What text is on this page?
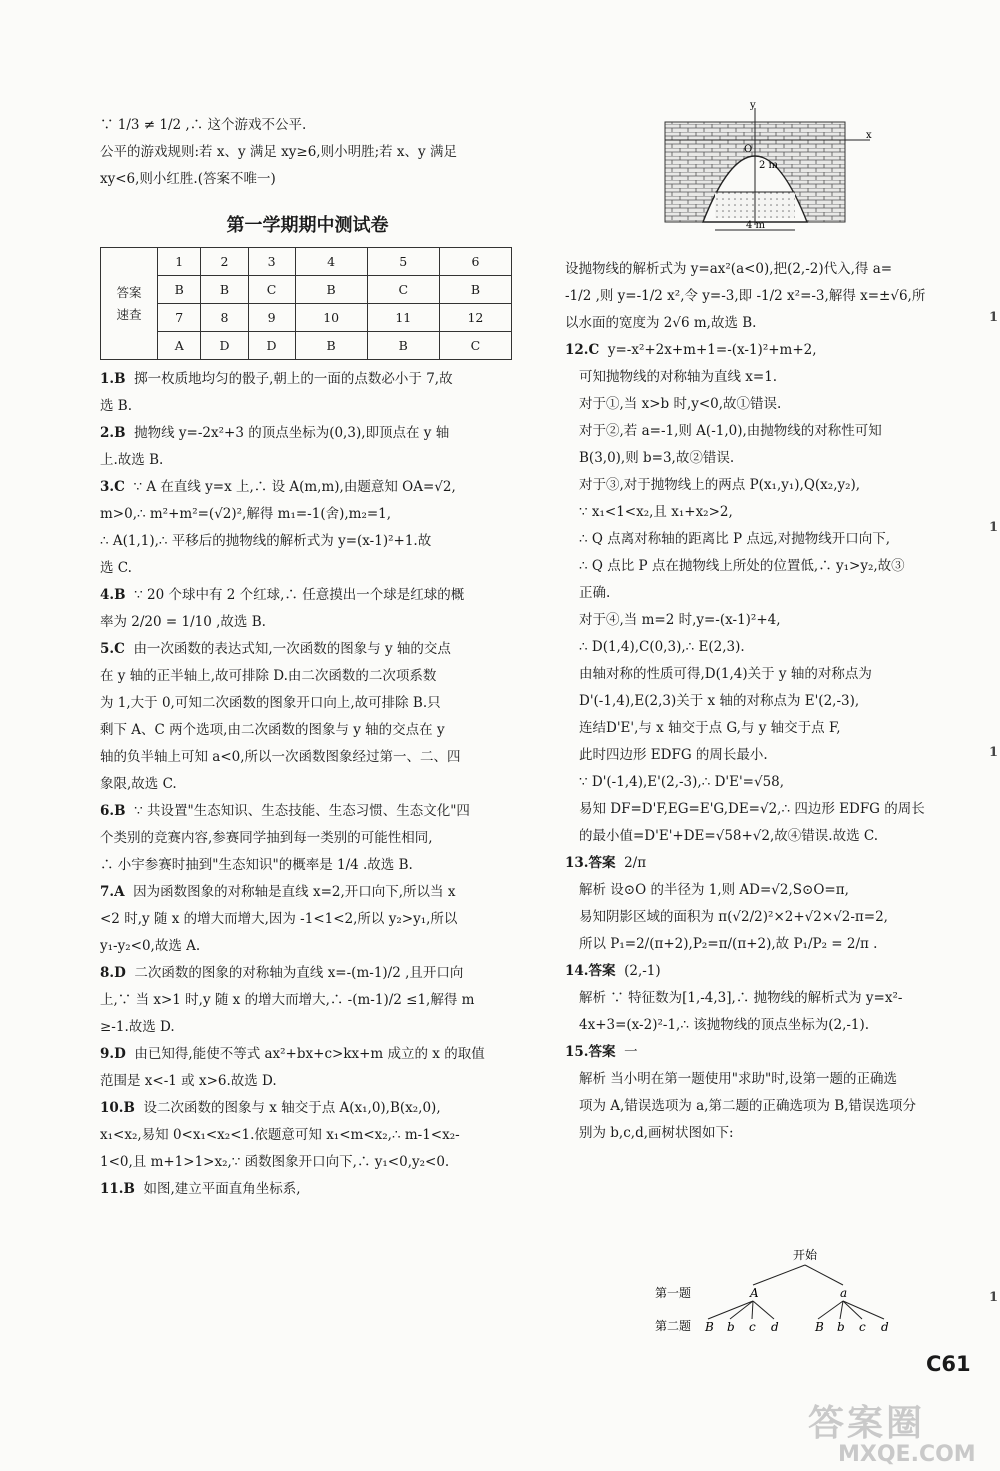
∵ 1/3 ≠ 1/2 ,∴ 这个游戏不公平.
公平的游戏规则:若 x、y 满足 xy≥6,则小明胜;若 x、y 满足
xy<6,则小红胜.(答案不唯一)
第一学期期中测试卷
答案
速查	1	2	3	4	5	6
	B	B	C	B	C	B
	7	8	9	10	11	12
	A	D	D	B	B	C
1.B 掷一枚质地均匀的骰子,朝上的一面的点数必小于 7,故
选 B.
2.B 抛物线 y=-2x²+3 的顶点坐标为(0,3),即顶点在 y 轴
上.故选 B.
3.C ∵ A 在直线 y=x 上,∴ 设 A(m,m),由题意知 OA=√2,
m>0,∴ m²+m²=(√2)²,解得 m₁=-1(舍),m₂=1,
∴ A(1,1),∴ 平移后的抛物线的解析式为 y=(x-1)²+1.故
选 C.
4.B ∵ 20 个球中有 2 个红球,∴ 任意摸出一个球是红球的概
率为 2/20 = 1/10 ,故选 B.
5.C 由一次函数的表达式知,一次函数的图象与 y 轴的交点
在 y 轴的正半轴上,故可排除 D.由二次函数的二次项系数
为 1,大于 0,可知二次函数的图象开口向上,故可排除 B.只
剩下 A、C 两个选项,由二次函数的图象与 y 轴的交点在 y
轴的负半轴上可知 a<0,所以一次函数图象经过第一、二、四
象限,故选 C.
6.B ∵ 共设置"生态知识、生态技能、生态习惯、生态文化"四
个类别的竞赛内容,参赛同学抽到每一类别的可能性相同,
∴ 小宇参赛时抽到"生态知识"的概率是 1/4 .故选 B.
7.A 因为函数图象的对称轴是直线 x=2,开口向下,所以当 x
<2 时,y 随 x 的增大而增大,因为 -1<1<2,所以 y₂>y₁,所以
y₁-y₂<0,故选 A.
8.D 二次函数的图象的对称轴为直线 x=-(m-1)/2 ,且开口向
上,∵ 当 x>1 时,y 随 x 的增大而增大,∴ -(m-1)/2 ≤1,解得 m
≥-1.故选 D.
9.D 由已知得,能使不等式 ax²+bx+c>kx+m 成立的 x 的取值
范围是 x<-1 或 x>6.故选 D.
10.B 设二次函数的图象与 x 轴交于点 A(x₁,0),B(x₂,0),
x₁<x₂,易知 0<x₁<x₂<1.依题意可知 x₁<m<x₂,∴ m-1<x₂-
1<0,且 m+1>1>x₂,∵ 函数图象开口向下,∴ y₁<0,y₂<0.
11.B 如图,建立平面直角坐标系,
y
x
O
2 m
4 m
设抛物线的解析式为 y=ax²(a<0),把(2,-2)代入,得 a=
-1/2 ,则 y=-1/2 x²,令 y=-3,即 -1/2 x²=-3,解得 x=±√6,所
以水面的宽度为 2√6 m,故选 B.
12.C y=-x²+2x+m+1=-(x-1)²+m+2,
可知抛物线的对称轴为直线 x=1.
对于①,当 x>b 时,y<0,故①错误.
对于②,若 a=-1,则 A(-1,0),由抛物线的对称性可知
B(3,0),则 b=3,故②错误.
对于③,对于抛物线上的两点 P(x₁,y₁),Q(x₂,y₂),
∵ x₁<1<x₂,且 x₁+x₂>2,
∴ Q 点离对称轴的距离比 P 点远,对抛物线开口向下,
∴ Q 点比 P 点在抛物线上所处的位置低,∴ y₁>y₂,故③
正确.
对于④,当 m=2 时,y=-(x-1)²+4,
∴ D(1,4),C(0,3),∴ E(2,3).
由轴对称的性质可得,D(1,4)关于 y 轴的对称点为
D'(-1,4),E(2,3)关于 x 轴的对称点为 E'(2,-3),
连结D'E',与 x 轴交于点 G,与 y 轴交于点 F,
此时四边形 EDFG 的周长最小.
∵ D'(-1,4),E'(2,-3),∴ D'E'=√58,
易知 DF=D'F,EG=E'G,DE=√2,∴ 四边形 EDFG 的周长
的最小值=D'E'+DE=√58+√2,故④错误.故选 C.
13.答案 2/π
解析 设⊙O 的半径为 1,则 AD=√2,S⊙O=π,
易知阴影区域的面积为 π(√2/2)²×2+√2×√2-π=2,
所以 P₁=2/(π+2),P₂=π/(π+2),故 P₁/P₂ = 2/π .
14.答案 (2,-1)
解析 ∵ 特征数为[1,-4,3],∴ 抛物线的解析式为 y=x²-
4x+3=(x-2)²-1,∴ 该抛物线的顶点坐标为(2,-1).
15.答案 一
解析 当小明在第一题使用"求助"时,设第一题的正确选
项为 A,错误选项为 a,第二题的正确选项为 B,错误选项分
别为 b,c,d,画树状图如下:
开始
第一题
第二题
A	a
B b c d	B b c d
C61
1
1
1
1
答案圈
MXQE.COM
